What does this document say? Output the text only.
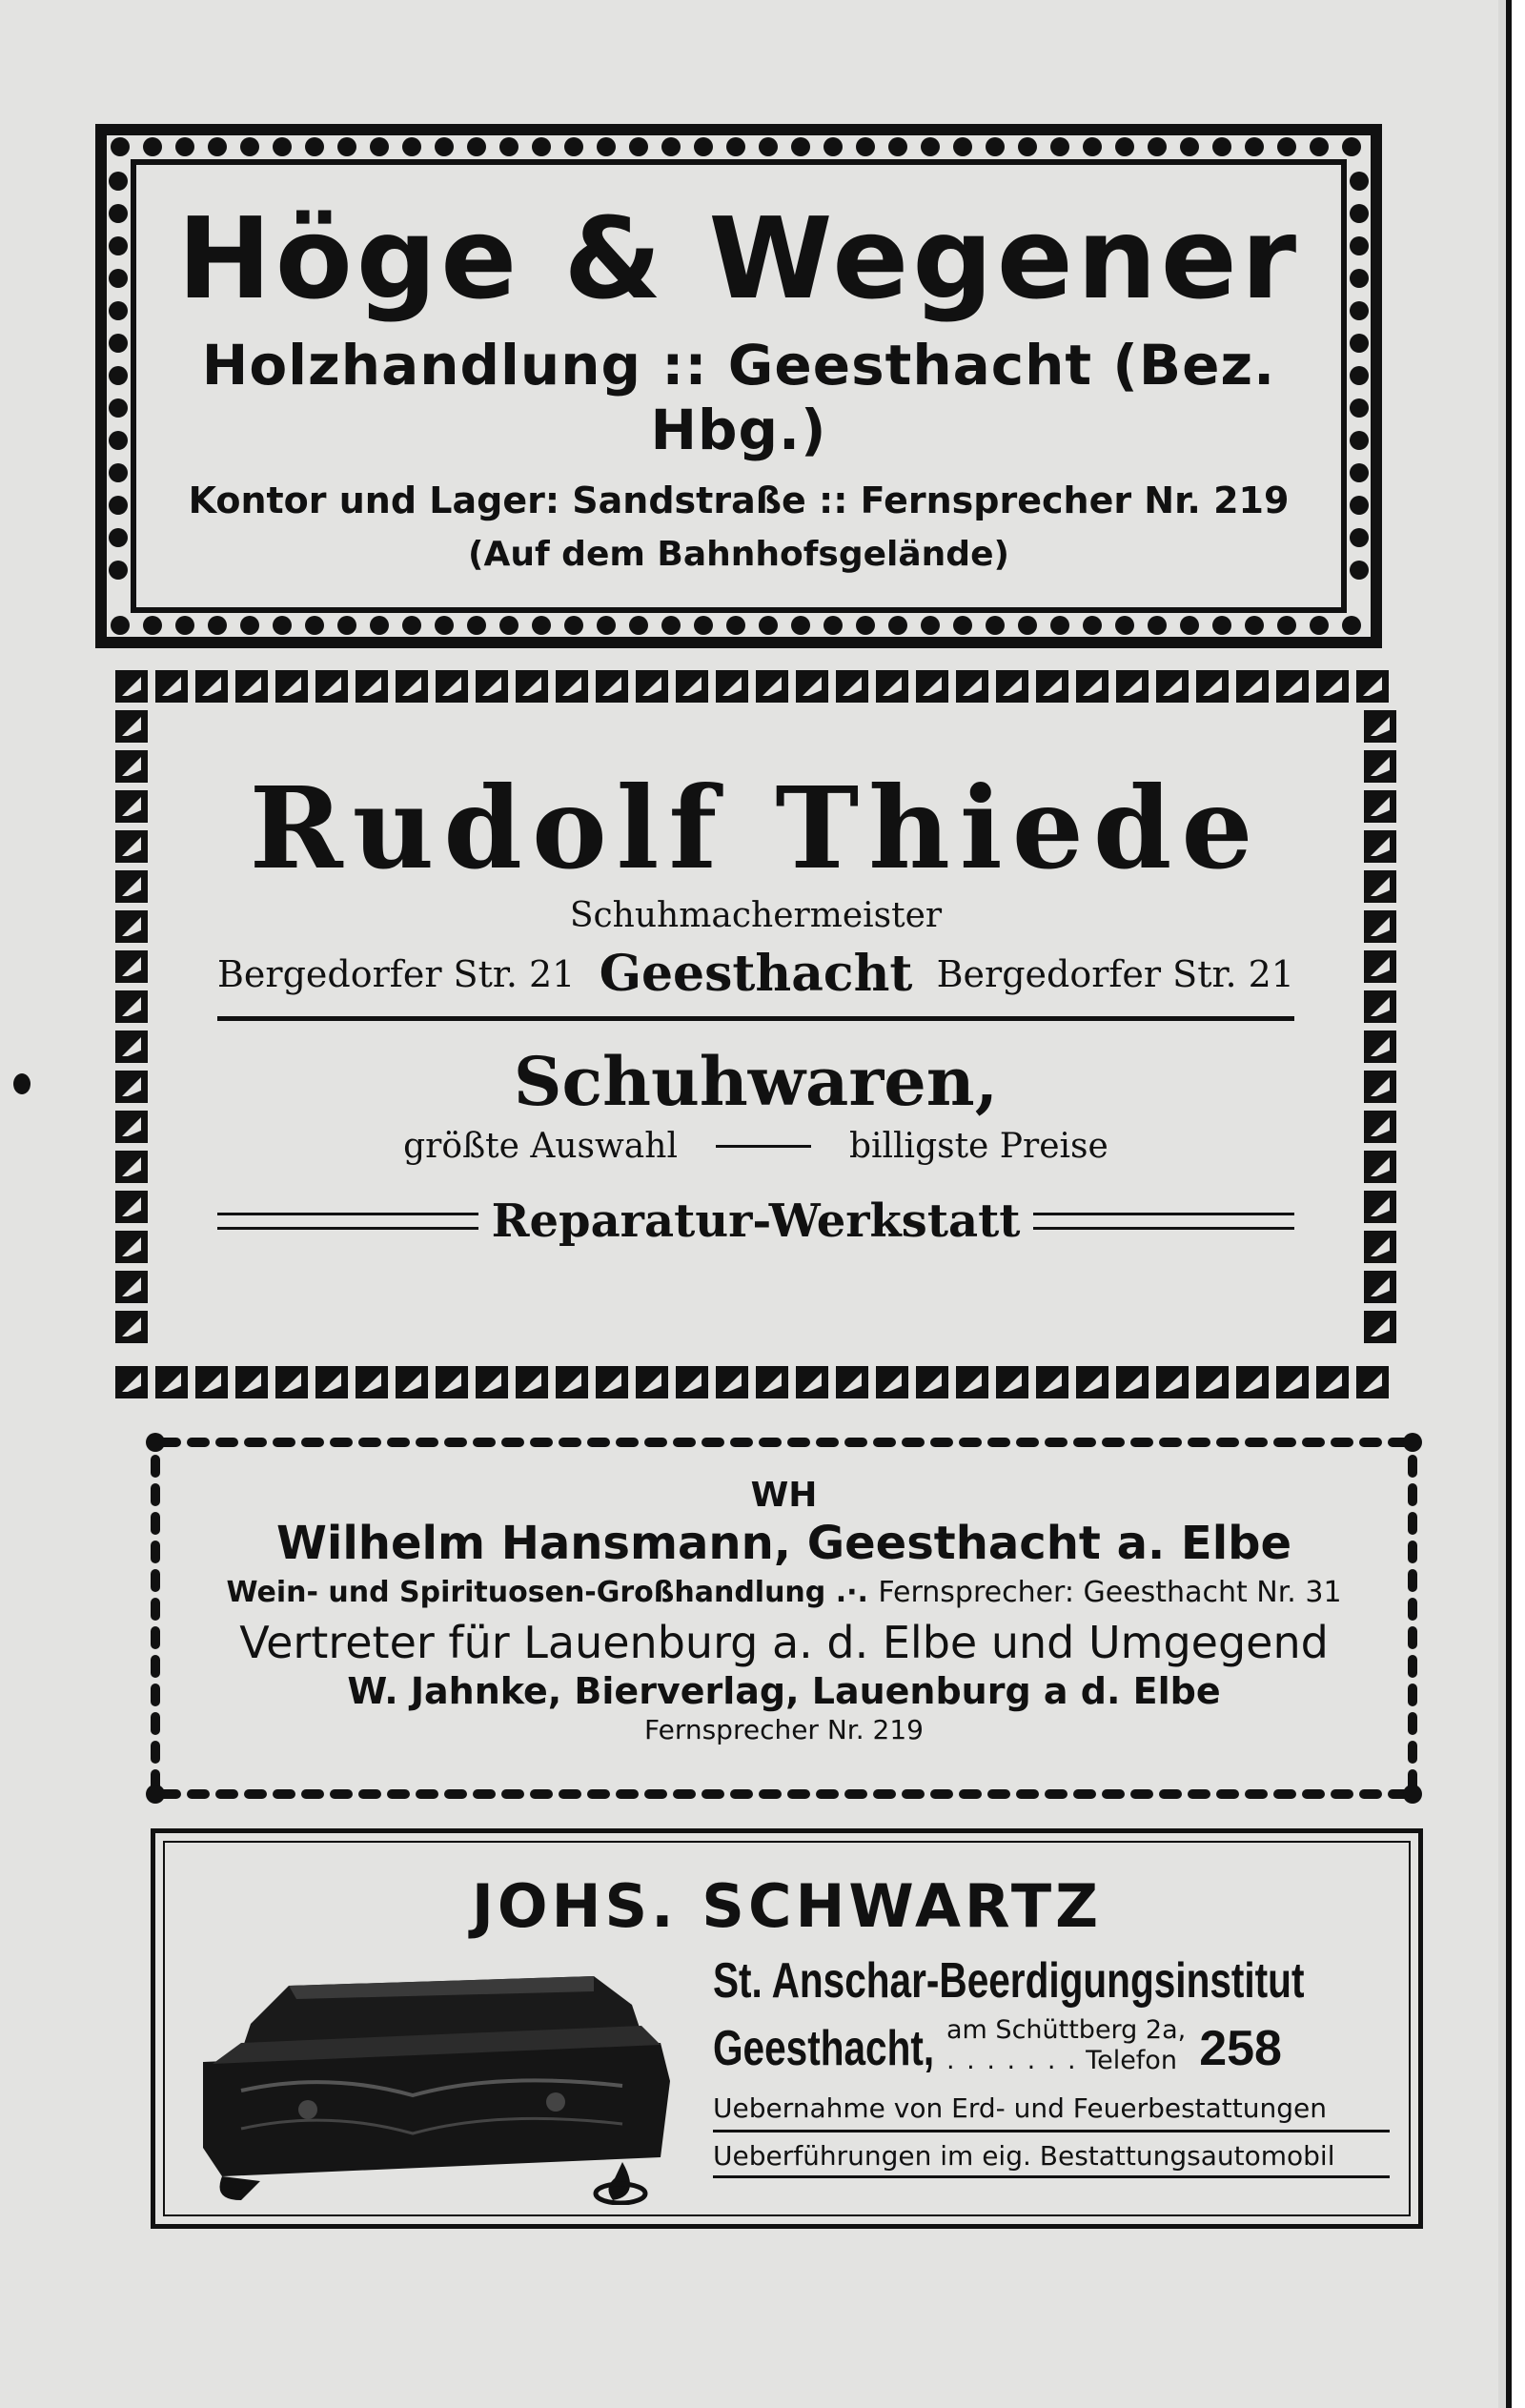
Höge & Wegener
Holzhandlung :: Geesthacht (Bez. Hbg.)
Kontor und Lager: Sandstraße :: Fernsprecher Nr. 219
(Auf dem Bahnhofsgelände)
Rudolf Thiede
Schuhmachermeister
Bergedorfer Str. 21 Geesthacht Bergedorfer Str. 21
Schuhwaren,
größte Auswahl	billigste Preise
Reparatur-Werkstatt
WH
Wilhelm Hansmann, Geesthacht a. Elbe
Wein- und Spirituosen-Großhandlung .·. Fernsprecher: Geesthacht Nr. 31
Vertreter für Lauenburg a. d. Elbe und Umgegend
W. Jahnke, Bierverlag, Lauenburg a d. Elbe
Fernsprecher Nr. 219
JOHS. SCHWARTZ
St. Anschar-Beerdigungsinstitut
Geesthacht, am Schüttberg 2a,
. . . . . . . Telefon 258
Uebernahme von Erd- und Feuerbestattungen
Ueberführungen im eig. Bestattungsautomobil
